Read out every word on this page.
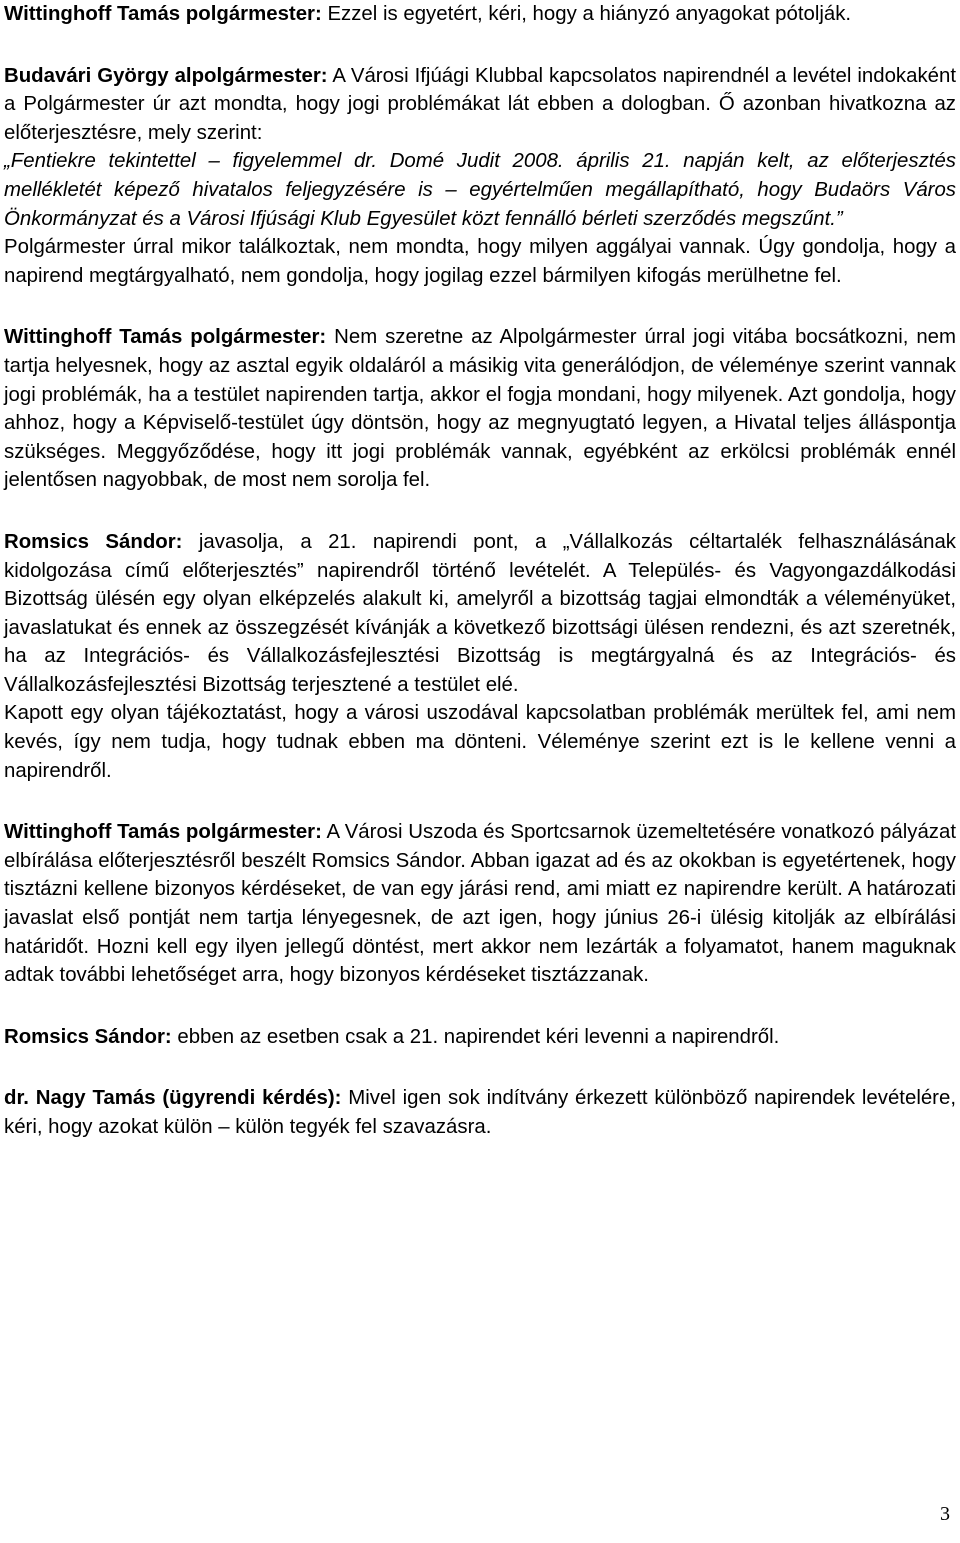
Wittinghoff Tamás polgármester: Ezzel is egyetért, kéri, hogy a hiányzó anyagokat pótolják.

Budavári György alpolgármester: A Városi Ifjúági Klubbal kapcsolatos napirendnél a levétel indokaként a Polgármester úr azt mondta, hogy jogi problémákat lát ebben a dologban. Ő azonban hivatkozna az előterjesztésre, mely szerint:

„Fentiekre tekintettel – figyelemmel dr. Domé Judit 2008. április 21. napján kelt, az előterjesztés mellékletét képező hivatalos feljegyzésére is – egyértelműen megállapítható, hogy Budaörs Város Önkormányzat és a Városi Ifjúsági Klub Egyesület közt fennálló bérleti szerződés megszűnt.”

Polgármester úrral mikor találkoztak, nem mondta, hogy milyen aggályai vannak. Úgy gondolja, hogy a napirend megtárgyalható, nem gondolja, hogy jogilag ezzel bármilyen kifogás merülhetne fel.

Wittinghoff Tamás polgármester: Nem szeretne az Alpolgármester úrral jogi vitába bocsátkozni, nem tartja helyesnek, hogy az asztal egyik oldaláról a másikig vita generálódjon, de véleménye szerint vannak jogi problémák, ha a testület napirenden tartja, akkor el fogja mondani, hogy milyenek. Azt gondolja, hogy ahhoz, hogy a Képviselő-testület úgy döntsön, hogy az megnyugtató legyen, a Hivatal teljes álláspontja szükséges. Meggyőződése, hogy itt jogi problémák vannak, egyébként az erkölcsi problémák ennél jelentősen nagyobbak, de most nem sorolja fel.

Romsics Sándor: javasolja, a 21. napirendi pont, a „Vállalkozás céltartalék felhasználásának kidolgozása című előterjesztés” napirendről történő levételét. A Település- és Vagyongazdálkodási Bizottság ülésén egy olyan elképzelés alakult ki, amelyről a bizottság tagjai elmondták a véleményüket, javaslatukat és ennek az összegzését kívánják a következő bizottsági ülésen rendezni, és azt szeretnék, ha az Integrációs- és Vállalkozásfejlesztési Bizottság is megtárgyalná és az Integrációs- és Vállalkozásfejlesztési Bizottság terjesztené a testület elé.

Kapott egy olyan tájékoztatást, hogy a városi uszodával kapcsolatban problémák merültek fel, ami nem kevés, így nem tudja, hogy tudnak ebben ma dönteni. Véleménye szerint ezt is le kellene venni a napirendről.

Wittinghoff Tamás polgármester: A Városi Uszoda és Sportcsarnok üzemeltetésére vonatkozó pályázat elbírálása előterjesztésről beszélt Romsics Sándor. Abban igazat ad és az okokban is egyetértenek, hogy tisztázni kellene bizonyos kérdéseket, de van egy járási rend, ami miatt ez napirendre került. A határozati javaslat első pontját nem tartja lényegesnek, de azt igen, hogy június 26-i ülésig kitolják az elbírálási határidőt. Hozni kell egy ilyen jellegű döntést, mert akkor nem lezárták a folyamatot, hanem maguknak adtak további lehetőséget arra, hogy bizonyos kérdéseket tisztázzanak.

Romsics Sándor: ebben az esetben csak a 21. napirendet kéri levenni a napirendről.

dr. Nagy Tamás (ügyrendi kérdés): Mivel igen sok indítvány érkezett különböző napirendek levételére, kéri, hogy azokat külön – külön tegyék fel szavazásra.

3
